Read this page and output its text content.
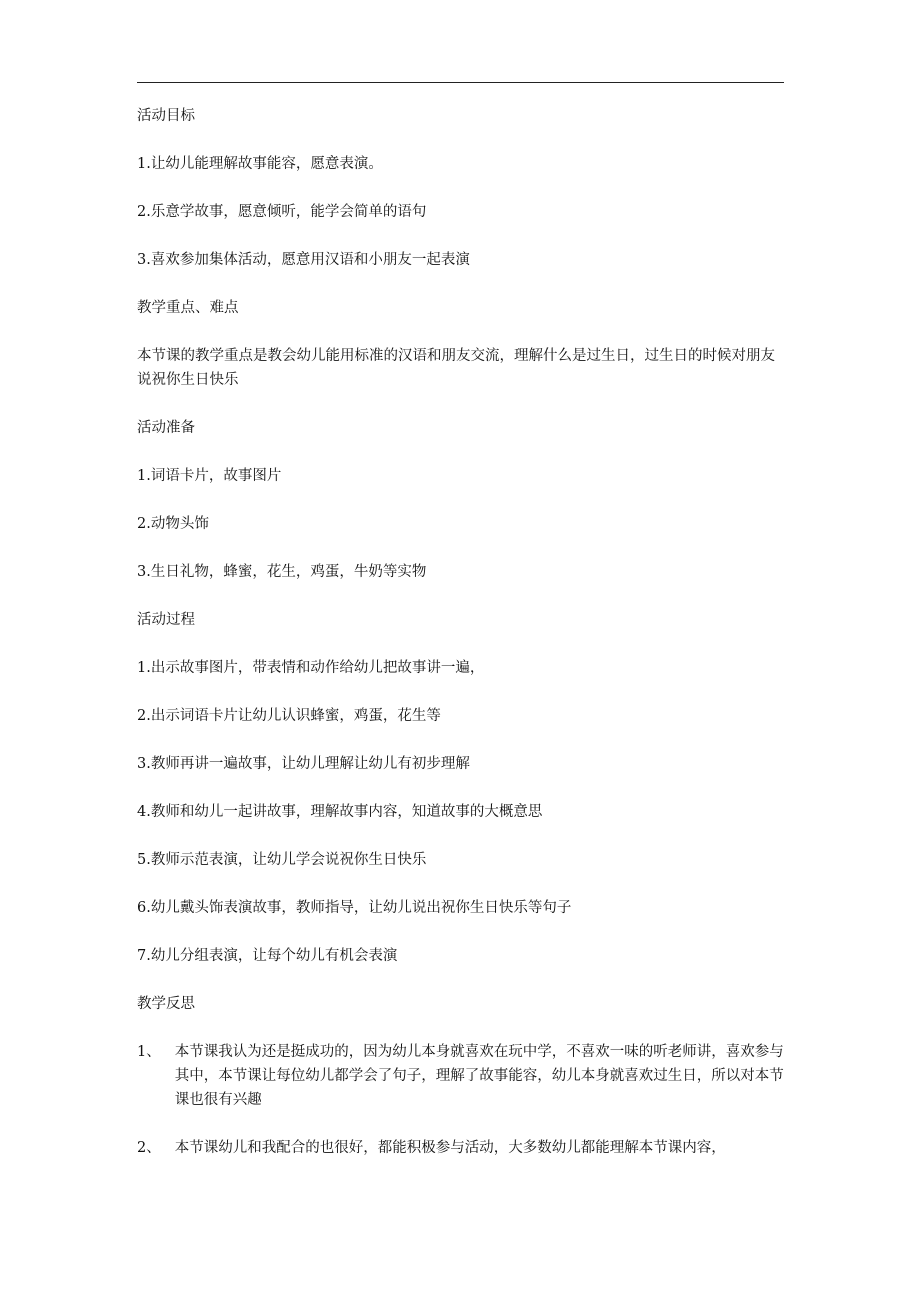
活动目标

1.让幼儿能理解故事能容，愿意表演。

2.乐意学故事，愿意倾听，能学会简单的语句

3.喜欢参加集体活动，愿意用汉语和小朋友一起表演

教学重点、难点

本节课的教学重点是教会幼儿能用标准的汉语和朋友交流，理解什么是过生日，过生日的时候对朋友说祝你生日快乐

活动准备

1.词语卡片，故事图片

2.动物头饰

3.生日礼物，蜂蜜，花生，鸡蛋，牛奶等实物

活动过程

1.出示故事图片，带表情和动作给幼儿把故事讲一遍，

2.出示词语卡片让幼儿认识蜂蜜，鸡蛋，花生等

3.教师再讲一遍故事，让幼儿理解让幼儿有初步理解

4.教师和幼儿一起讲故事，理解故事内容，知道故事的大概意思

5.教师示范表演，让幼儿学会说祝你生日快乐

6.幼儿戴头饰表演故事，教师指导，让幼儿说出祝你生日快乐等句子

7.幼儿分组表演，让每个幼儿有机会表演

教学反思

1、 本节课我认为还是挺成功的，因为幼儿本身就喜欢在玩中学，不喜欢一味的听老师讲，喜欢参与其中，本节课让每位幼儿都学会了句子，理解了故事能容，幼儿本身就喜欢过生日，所以对本节课也很有兴趣
2、 本节课幼儿和我配合的也很好，都能积极参与活动，大多数幼儿都能理解本节课内容，
